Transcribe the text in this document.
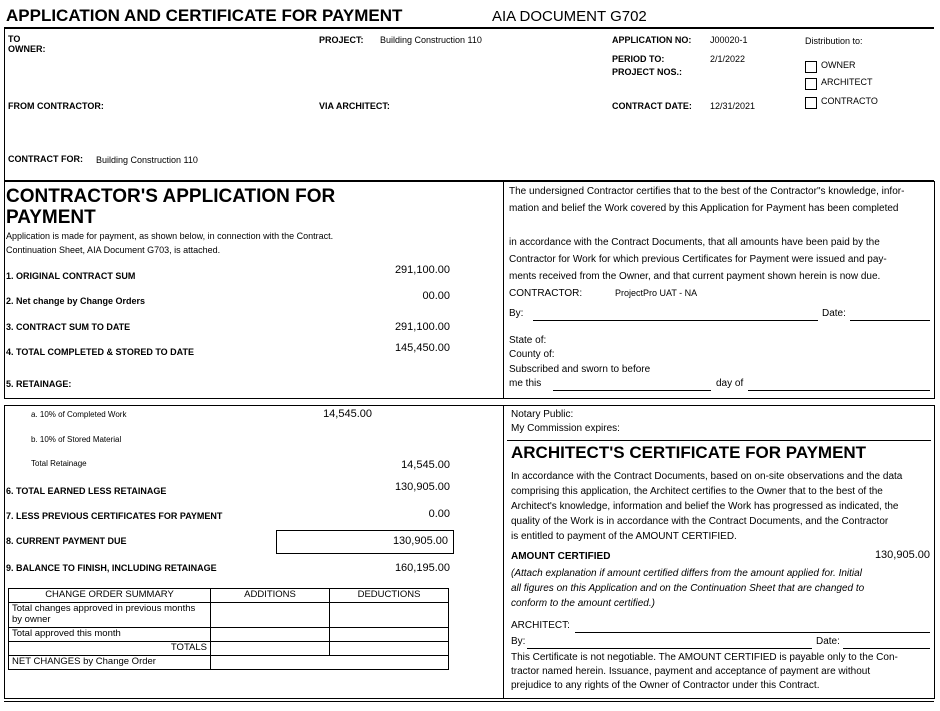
APPLICATION AND CERTIFICATE FOR PAYMENT	AIA DOCUMENT G702
TO
OWNER:
PROJECT: Building Construction 110
FROM CONTRACTOR:	VIA ARCHITECT:
CONTRACT FOR: Building Construction 110
APPLICATION NO: J00020-1
PERIOD TO:	2/1/2022
PROJECT NOS.:
CONTRACT DATE: 12/31/2021
Distribution to:
OWNER
ARCHITECT
CONTRACTO
CONTRACTOR'S APPLICATION FOR
PAYMENT
Application is made for payment, as shown below, in connection with the Contract.
Continuation Sheet, AIA Document G703, is attached.
1. ORIGINAL CONTRACT SUM	291,100.00
2. Net change by Change Orders	00.00
3. CONTRACT SUM TO DATE	291,100.00
4. TOTAL COMPLETED & STORED TO DATE	145,450.00
5. RETAINAGE:
The undersigned Contractor certifies that to the best of the Contractor"s knowledge, infor-
mation and belief the Work covered by this Application for Payment has been completed
in accordance with the Contract Documents, that all amounts have been paid by the
Contractor for Work for which previous Certificates for Payment were issued and pay-
ments received from the Owner, and that current payment shown herein is now due.
CONTRACTOR:	ProjectPro UAT - NA
By:	Date:
State of:
County of:
Subscribed and sworn to before
me this	day of
a. 10% of Completed Work	14,545.00
b. 10% of Stored Material
Total Retainage	14,545.00
6. TOTAL EARNED LESS RETAINAGE	130,905.00
7. LESS PREVIOUS CERTIFICATES FOR PAYMENT	0.00
8. CURRENT PAYMENT DUE	130,905.00
9. BALANCE TO FINISH, INCLUDING RETAINAGE	160,195.00
CHANGE ORDER SUMMARY	ADDITIONS	DEDUCTIONS
Total changes approved in previous months by owner		
Total approved this month		
TOTALS		
NET CHANGES by Change Order		
Notary Public:
My Commission expires:
ARCHITECT'S CERTIFICATE FOR PAYMENT
In accordance with the Contract Documents, based on on-site observations and the data
comprising this application, the Architect certifies to the Owner that to the best of the
Architect's knowledge, information and belief the Work has progressed as indicated, the
quality of the Work is in accordance with the Contract Documents, and the Contractor
is entitled to payment of the AMOUNT CERTIFIED.
AMOUNT CERTIFIED	130,905.00
(Attach explanation if amount certified differs from the amount applied for. Initial
all figures on this Application and on the Continuation Sheet that are changed to
conform to the amount certified.)
ARCHITECT:
By:	Date:
This Certificate is not negotiable. The AMOUNT CERTIFIED is payable only to the Con-
tractor named herein. Issuance, payment and acceptance of payment are without
prejudice to any rights of the Owner of Contractor under this Contract.
